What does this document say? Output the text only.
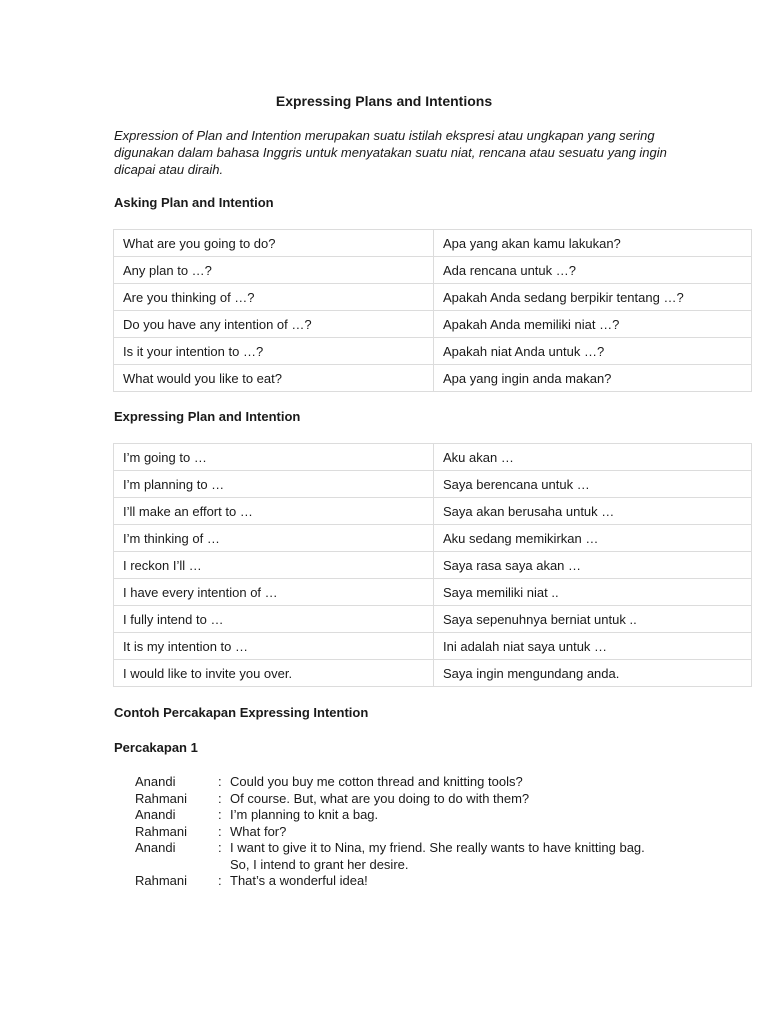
Expressing Plans and Intentions
Expression of Plan and Intention merupakan suatu istilah ekspresi atau ungkapan yang sering digunakan dalam bahasa Inggris untuk menyatakan suatu niat, rencana atau sesuatu yang ingin dicapai atau diraih.
Asking Plan and Intention
What are you going to do?	Apa yang akan kamu lakukan?
Any plan to …?	Ada rencana untuk …?
Are you thinking of …?	Apakah Anda sedang berpikir tentang …?
Do you have any intention of …?	Apakah Anda memiliki niat …?
Is it your intention to …?	Apakah niat Anda untuk …?
What would you like to eat?	Apa yang ingin anda makan?
Expressing Plan and Intention
I’m going to …	Aku akan …
I’m planning to …	Saya berencana untuk …
I’ll make an effort to …	Saya akan berusaha untuk …
I’m thinking of …	Aku sedang memikirkan …
I reckon I’ll …	Saya rasa saya akan …
I have every intention of …	Saya memiliki niat ..
I fully intend to …	Saya sepenuhnya berniat untuk ..
It is my intention to …	Ini adalah niat saya untuk …
I would like to invite you over.	Saya ingin mengundang anda.
Contoh Percakapan Expressing Intention
Percakapan 1
Anandi	: Could you buy me cotton thread and knitting tools?
Rahmani	: Of course. But, what are you doing to do with them?
Anandi	: I’m planning to knit a bag.
Rahmani	: What for?
Anandi	: I want to give it to Nina, my friend. She really wants to have knitting bag. So, I intend to grant her desire.
Rahmani	: That’s a wonderful idea!
